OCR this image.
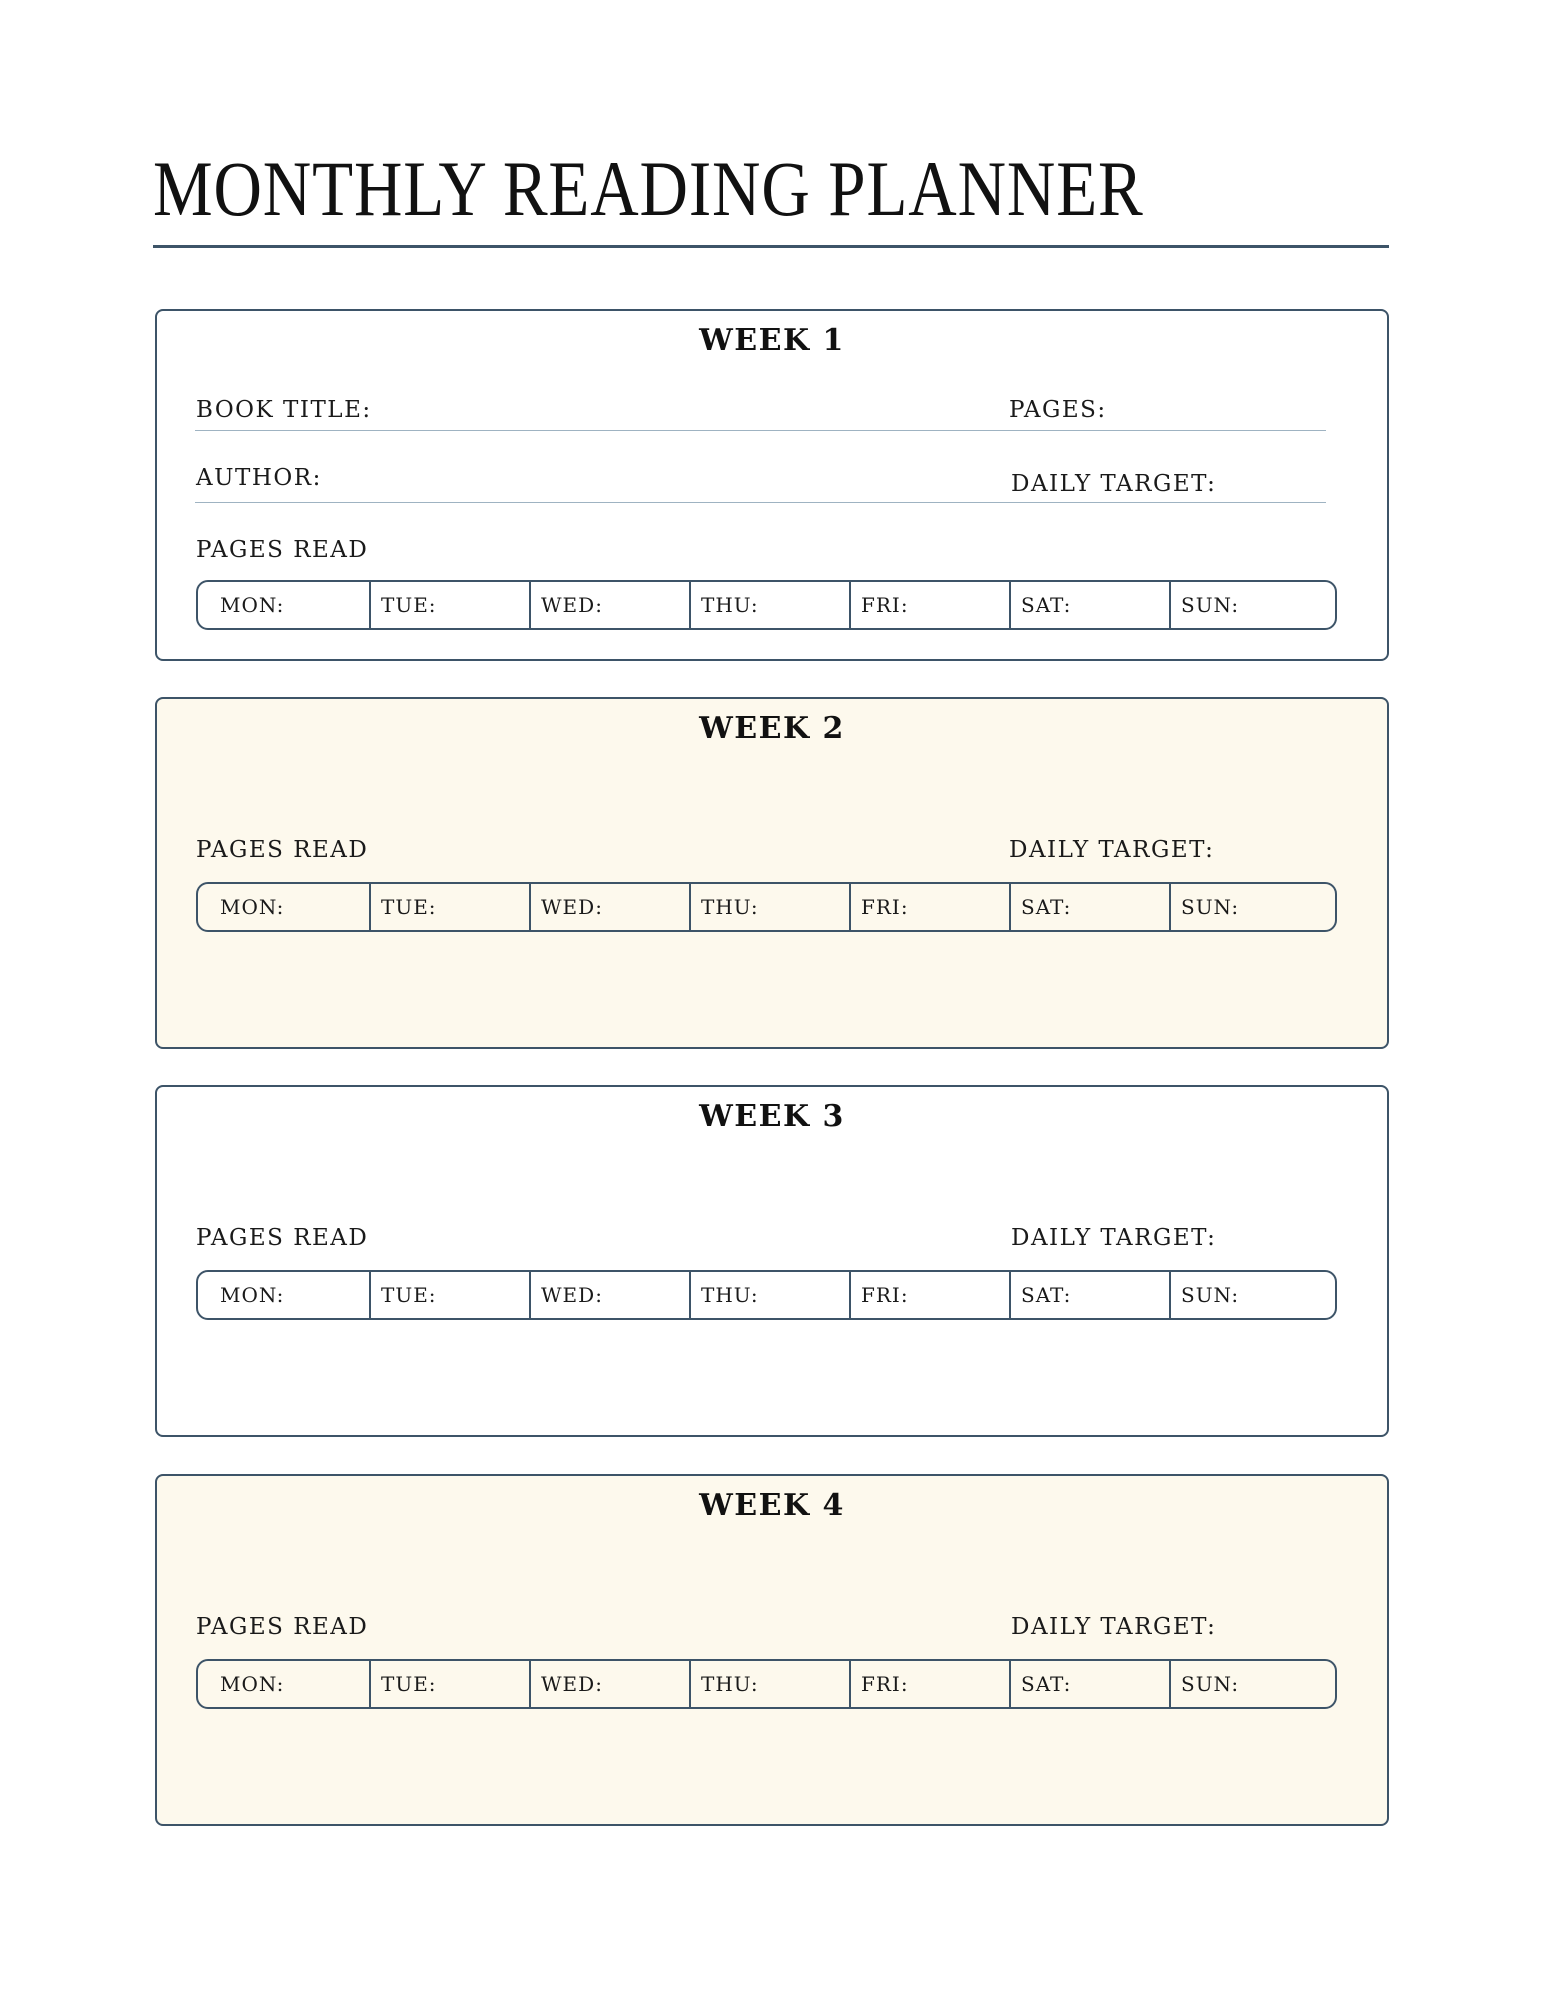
MONTHLY READING PLANNER
WEEK 1
BOOK TITLE:	PAGES:
AUTHOR:	DAILY TARGET:
PAGES READ
MON:	TUE:	WED:	THU:	FRI:	SAT:	SUN:
WEEK 2
PAGES READ	DAILY TARGET:
MON:	TUE:	WED:	THU:	FRI:	SAT:	SUN:
WEEK 3
PAGES READ	DAILY TARGET:
MON:	TUE:	WED:	THU:	FRI:	SAT:	SUN:
WEEK 4
PAGES READ	DAILY TARGET:
MON:	TUE:	WED:	THU:	FRI:	SAT:	SUN:
